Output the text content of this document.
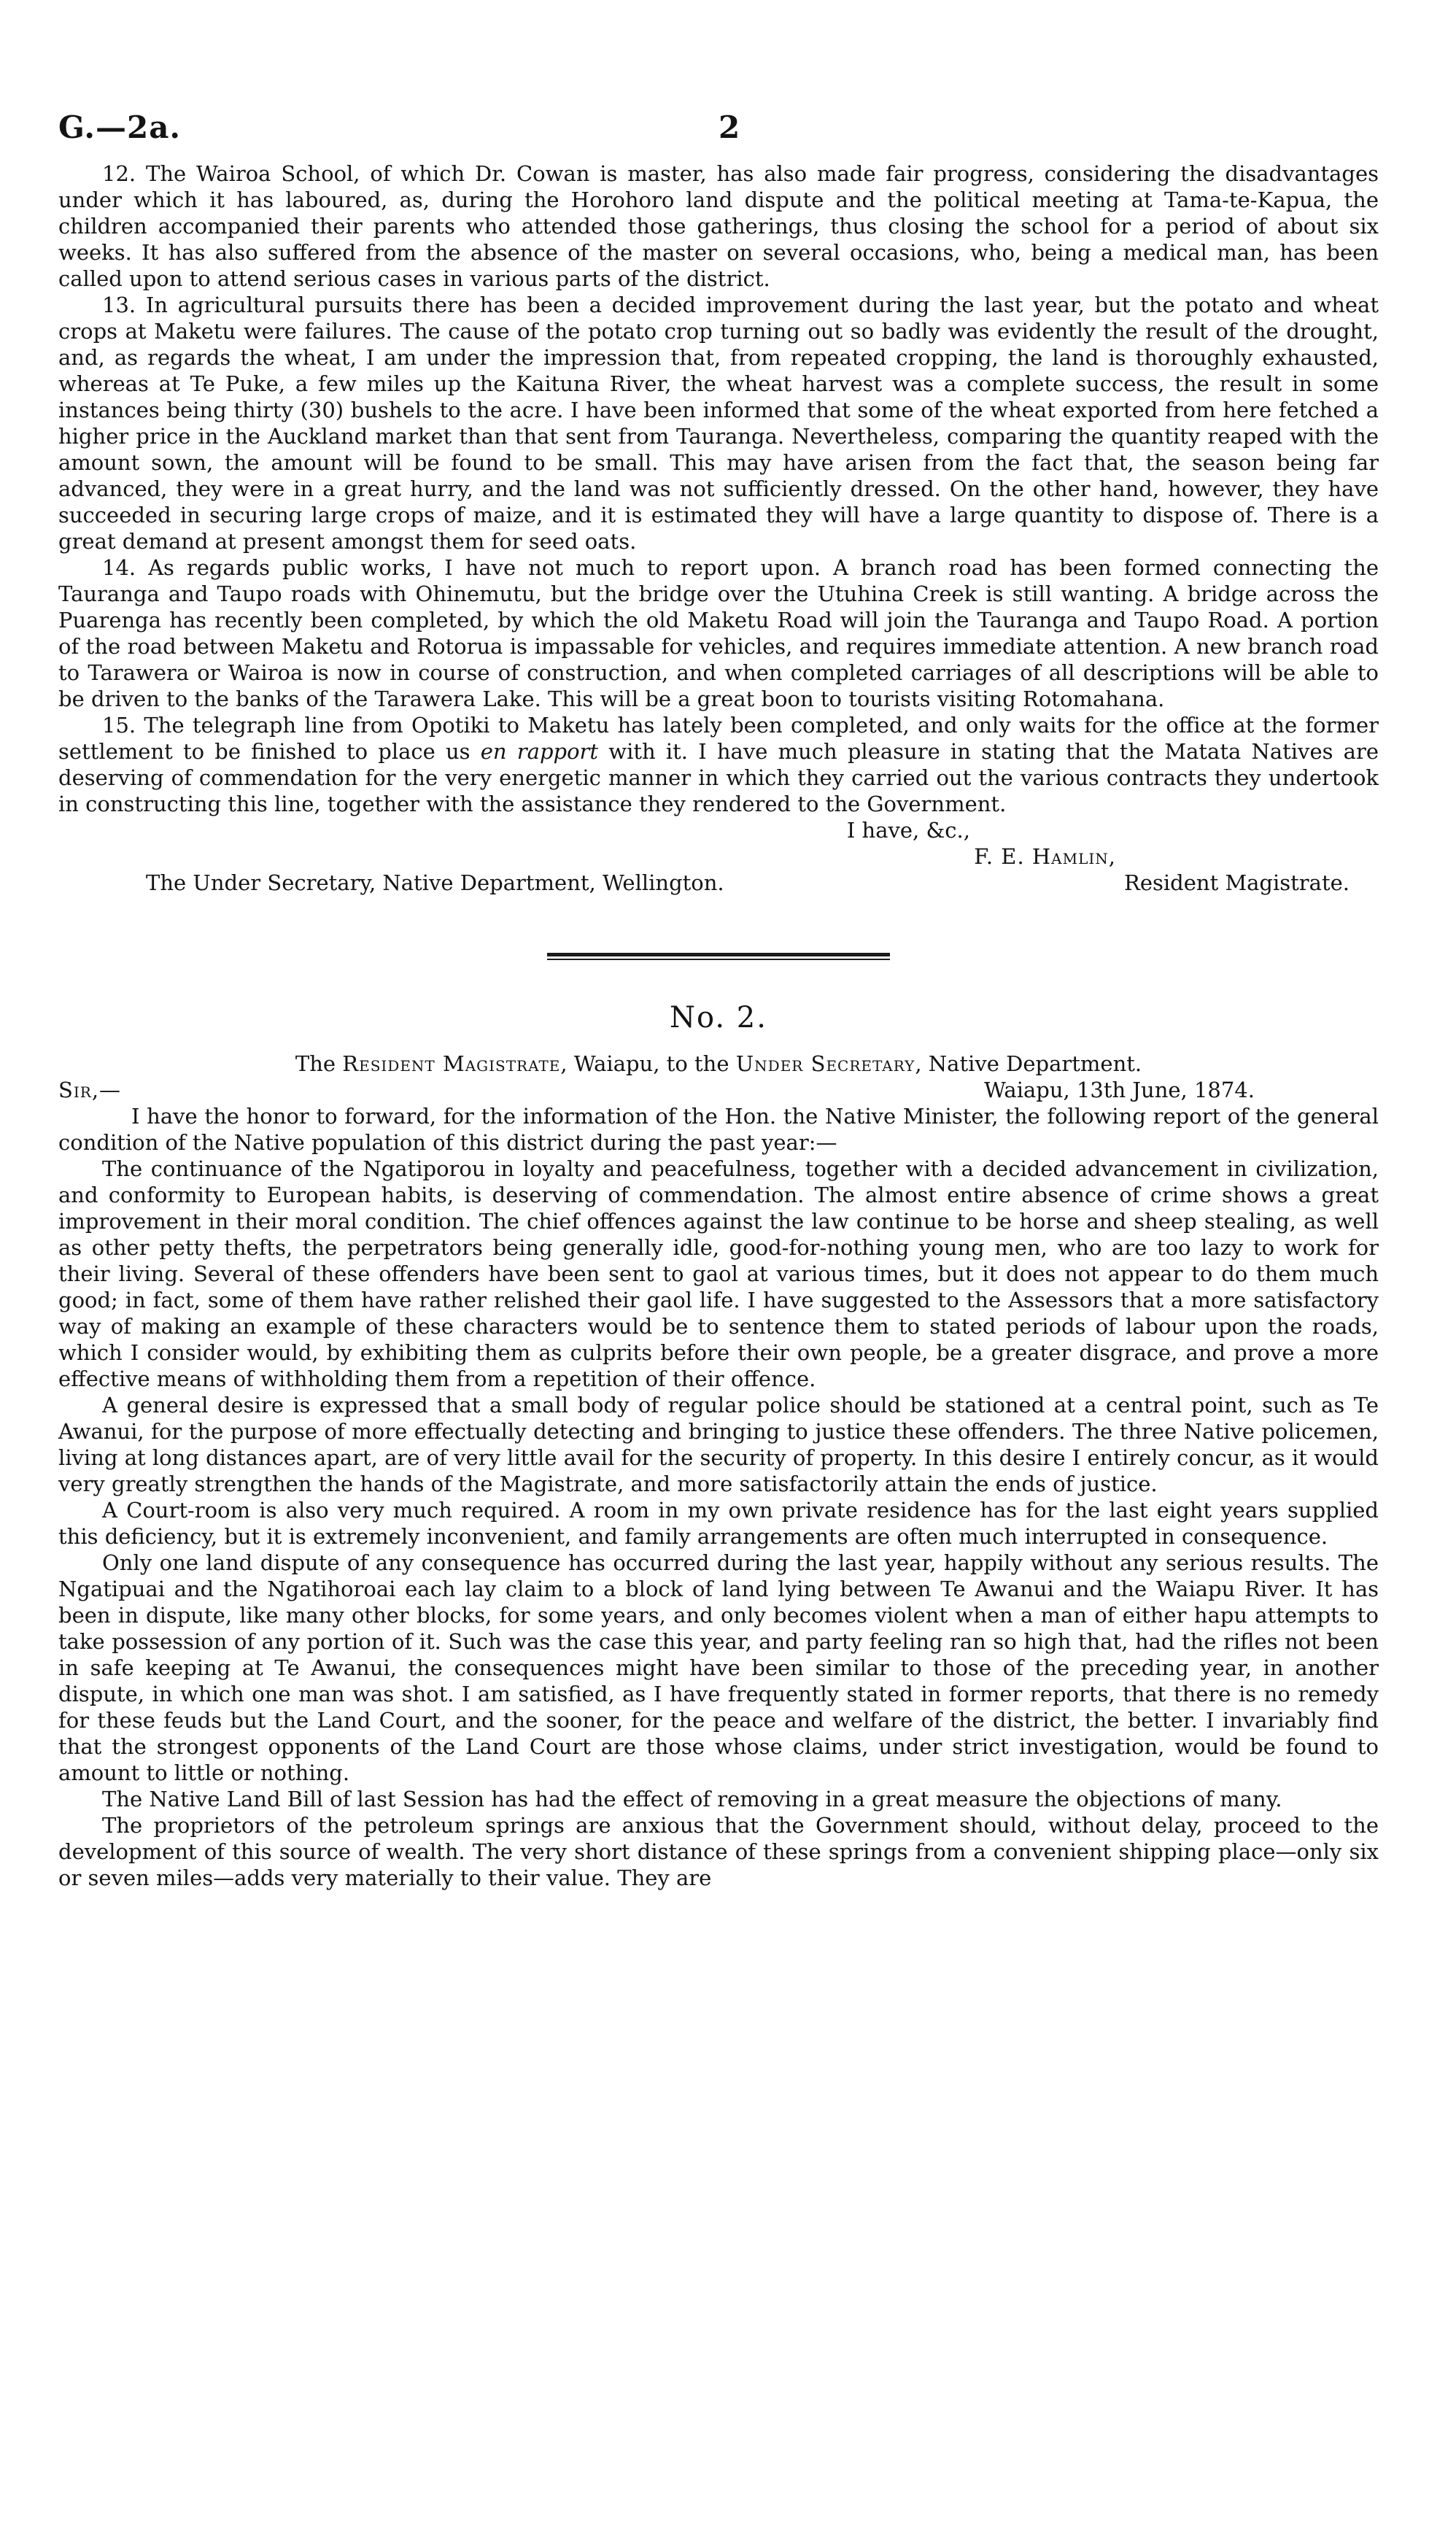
G.—2a.	2

12. The Wairoa School, of which Dr. Cowan is master, has also made fair progress, considering the disadvantages under which it has laboured, as, during the Horohoro land dispute and the political meeting at Tama-te-Kapua, the children accompanied their parents who attended those gatherings, thus closing the school for a period of about six weeks. It has also suffered from the absence of the master on several occasions, who, being a medical man, has been called upon to attend serious cases in various parts of the district.

13. In agricultural pursuits there has been a decided improvement during the last year, but the potato and wheat crops at Maketu were failures. The cause of the potato crop turning out so badly was evidently the result of the drought, and, as regards the wheat, I am under the impression that, from repeated cropping, the land is thoroughly exhausted, whereas at Te Puke, a few miles up the Kaituna River, the wheat harvest was a complete success, the result in some instances being thirty (30) bushels to the acre. I have been informed that some of the wheat exported from here fetched a higher price in the Auckland market than that sent from Tauranga. Nevertheless, comparing the quantity reaped with the amount sown, the amount will be found to be small. This may have arisen from the fact that, the season being far advanced, they were in a great hurry, and the land was not sufficiently dressed. On the other hand, however, they have succeeded in securing large crops of maize, and it is estimated they will have a large quantity to dispose of. There is a great demand at present amongst them for seed oats.

14. As regards public works, I have not much to report upon. A branch road has been formed connecting the Tauranga and Taupo roads with Ohinemutu, but the bridge over the Utuhina Creek is still wanting. A bridge across the Puarenga has recently been completed, by which the old Maketu Road will join the Tauranga and Taupo Road. A portion of the road between Maketu and Rotorua is impassable for vehicles, and requires immediate attention. A new branch road to Tarawera or Wairoa is now in course of construction, and when completed carriages of all descriptions will be able to be driven to the banks of the Tarawera Lake. This will be a great boon to tourists visiting Rotomahana.

15. The telegraph line from Opotiki to Maketu has lately been completed, and only waits for the office at the former settlement to be finished to place us en rapport with it. I have much pleasure in stating that the Matata Natives are deserving of commendation for the very energetic manner in which they carried out the various contracts they undertook in constructing this line, together with the assistance they rendered to the Government.

I have, &c.,
F. E. Hamlin,
The Under Secretary, Native Department, Wellington.	Resident Magistrate.
No. 2.
The Resident Magistrate, Waiapu, to the Under Secretary, Native Department.
Sir,—	Waiapu, 13th June, 1874.

I have the honor to forward, for the information of the Hon. the Native Minister, the following report of the general condition of the Native population of this district during the past year:—

The continuance of the Ngatiporou in loyalty and peacefulness, together with a decided advancement in civilization, and conformity to European habits, is deserving of commendation. The almost entire absence of crime shows a great improvement in their moral condition. The chief offences against the law continue to be horse and sheep stealing, as well as other petty thefts, the perpetrators being generally idle, good-for-nothing young men, who are too lazy to work for their living. Several of these offenders have been sent to gaol at various times, but it does not appear to do them much good; in fact, some of them have rather relished their gaol life. I have suggested to the Assessors that a more satisfactory way of making an example of these characters would be to sentence them to stated periods of labour upon the roads, which I consider would, by exhibiting them as culprits before their own people, be a greater disgrace, and prove a more effective means of withholding them from a repetition of their offence.

A general desire is expressed that a small body of regular police should be stationed at a central point, such as Te Awanui, for the purpose of more effectually detecting and bringing to justice these offenders. The three Native policemen, living at long distances apart, are of very little avail for the security of property. In this desire I entirely concur, as it would very greatly strengthen the hands of the Magistrate, and more satisfactorily attain the ends of justice.

A Court-room is also very much required. A room in my own private residence has for the last eight years supplied this deficiency, but it is extremely inconvenient, and family arrangements are often much interrupted in consequence.

Only one land dispute of any consequence has occurred during the last year, happily without any serious results. The Ngatipuai and the Ngatihoroai each lay claim to a block of land lying between Te Awanui and the Waiapu River. It has been in dispute, like many other blocks, for some years, and only becomes violent when a man of either hapu attempts to take possession of any portion of it. Such was the case this year, and party feeling ran so high that, had the rifles not been in safe keeping at Te Awanui, the consequences might have been similar to those of the preceding year, in another dispute, in which one man was shot. I am satisfied, as I have frequently stated in former reports, that there is no remedy for these feuds but the Land Court, and the sooner, for the peace and welfare of the district, the better. I invariably find that the strongest opponents of the Land Court are those whose claims, under strict investigation, would be found to amount to little or nothing.

The Native Land Bill of last Session has had the effect of removing in a great measure the objections of many.

The proprietors of the petroleum springs are anxious that the Government should, without delay, proceed to the development of this source of wealth. The very short distance of these springs from a convenient shipping place—only six or seven miles—adds very materially to their value. They are
